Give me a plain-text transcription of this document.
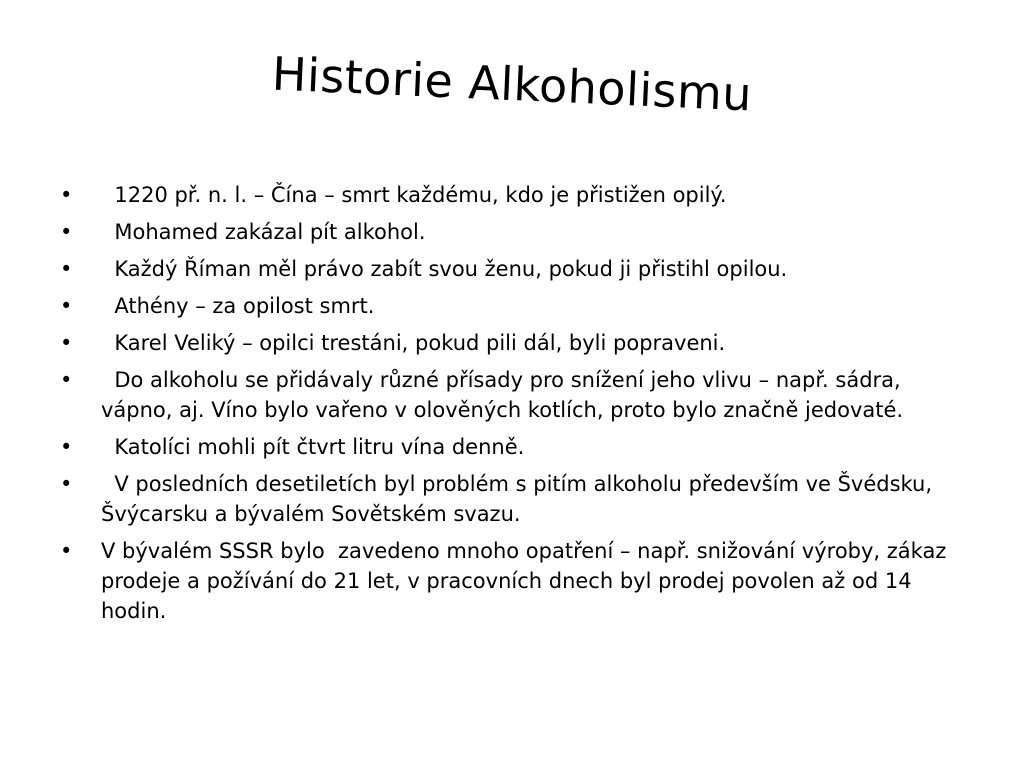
Historie Alkoholismu
•	1220 př. n. l. – Čína – smrt každému, kdo je přistižen opilý.
•	Mohamed zakázal pít alkohol.
•	Každý Říman měl právo zabít svou ženu, pokud ji přistihl opilou.
•	Athény – za opilost smrt.
•	Karel Veliký – opilci trestáni, pokud pili dál, byli popraveni.
•	Do alkoholu se přidávaly různé přísady pro snížení jeho vlivu – např. sádra, vápno, aj. Víno bylo vařeno v olověných kotlích, proto bylo značně jedovaté.
•	Katolíci mohli pít čtvrt litru vína denně.
•	V posledních desetiletích byl problém s pitím alkoholu především ve Švédsku, Švýcarsku a bývalém Sovětském svazu.
•	V bývalém SSSR bylo  zavedeno mnoho opatření – např. snižování výroby, zákaz prodeje a požívání do 21 let, v pracovních dnech byl prodej povolen až od 14 hodin.
